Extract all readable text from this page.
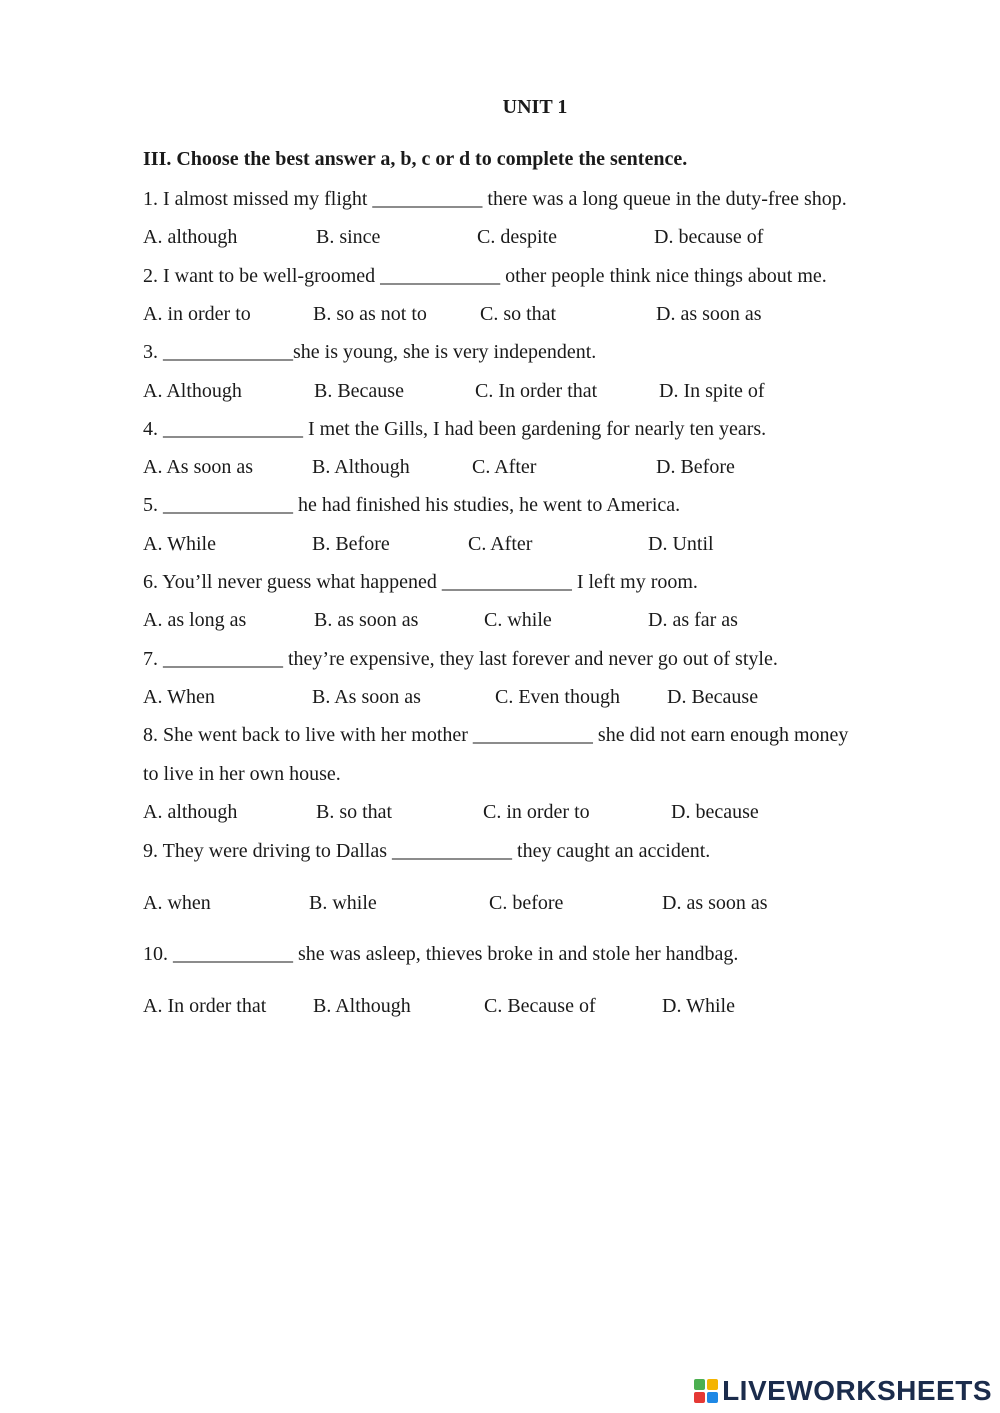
UNIT 1
III. Choose the best answer a, b, c or d to complete the sentence.
1. I almost missed my flight ___________ there was a long queue in the duty-free shop.
A. although	B. since	C. despite	D. because of
2. I want to be well-groomed ____________ other people think nice things about me.
A. in order to	B. so as not to	C. so that	D. as soon as
3. _____________she is young, she is very independent.
A. Although	B. Because	C. In order that	D. In spite of
4. ______________ I met the Gills, I had been gardening for nearly ten years.
A. As soon as	B. Although	C. After	D. Before
5. _____________ he had finished his studies, he went to America.
A. While	B. Before	C. After	D. Until
6. You’ll never guess what happened _____________ I left my room.
A. as long as	B. as soon as	C. while	D. as far as
7. ____________ they’re expensive, they last forever and never go out of style.
A. When	B. As soon as	C. Even though D. Because
8. She went back to live with her mother ____________ she did not earn enough money
to live in her own house.
A. although	B. so that	C. in order to	D. because
9. They were driving to Dallas ____________ they caught an accident.
A. when	B. while	C. before	D. as soon as
10. ____________ she was asleep, thieves broke in and stole her handbag.
A. In order that B. Although	C. Because of	D. While
LIVEWORKSHEETS
